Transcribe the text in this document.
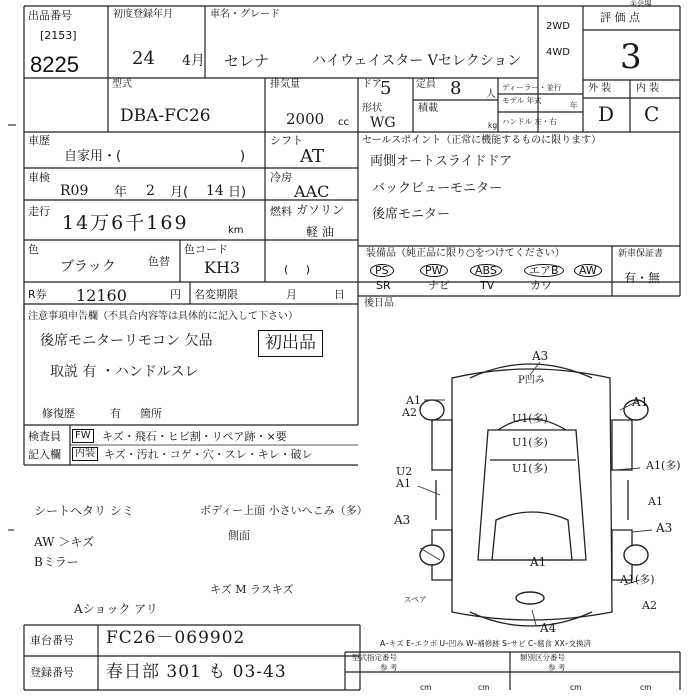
出品番号
[2153]
8225
初度登録年月
24 4月
車名・グレード
セレナ	ハイウェイスター Vセレクション
2WD
4WD
評 価 点
3
①会場
型式
DBA-FC26
排気量
2000 cc
ドア
5 定員 8 人
形状
WG
積載
kg
ディーラー・並行
モデル 年式
年
ハンドル 左・右
外 装 内 装
D C
車歴
自家用・(	)
シフト
AT
車検
R09 年 2 月( 14 日)
冷房
AAC
走行
14万6千169	km
燃料 ガソリン
軽 油
(     )
色
ブラック	色替
色コード
KH3
R券 12160	円 名変期限	月	日
セールスポイント（正常に機能するものに限ります）
両側オートスライドドア
バックビューモニター
後席モニター
装備品（純正品に限り○をつけてください）
PS	PW	ABS	エアB	AW
SR	ナビ	TV	カワ
新車保証書
有・無
後日品
注意事項申告欄（不具合内容等は具体的に記入して下さい）
後席モニターリモコン 欠品
取説 有 ・ハンドルスレ
初出品
修復歴	有 箇所
検査員
記入欄
FW キズ・飛石・ヒビ割・リペア跡・×要
内装 キズ・汚れ・コゲ・穴・スレ・キレ・破レ
シートヘタリ シミ
AW ＞キズ
Bミラー
ボディー上面 小さいへこみ（多）
側面
キズ M ラスキズ
Aショック アリ
A3
P凹み
A1
A1
A2	U1(多)
U2
U1(多)
U1(多)
A1
A1(多)
A1
A3
A3
A1
A1(多)
A2
A4
スペア
A–キズ E–エクボ U–凹み W–補修跡 S–サビ C–腐食 XX–交換済
車台番号 FC26－069902
登録番号 春日部 301 も 03‐43
型式指定番号
参 考
類別区分番号
参 考
cm	cm	cm	cm
